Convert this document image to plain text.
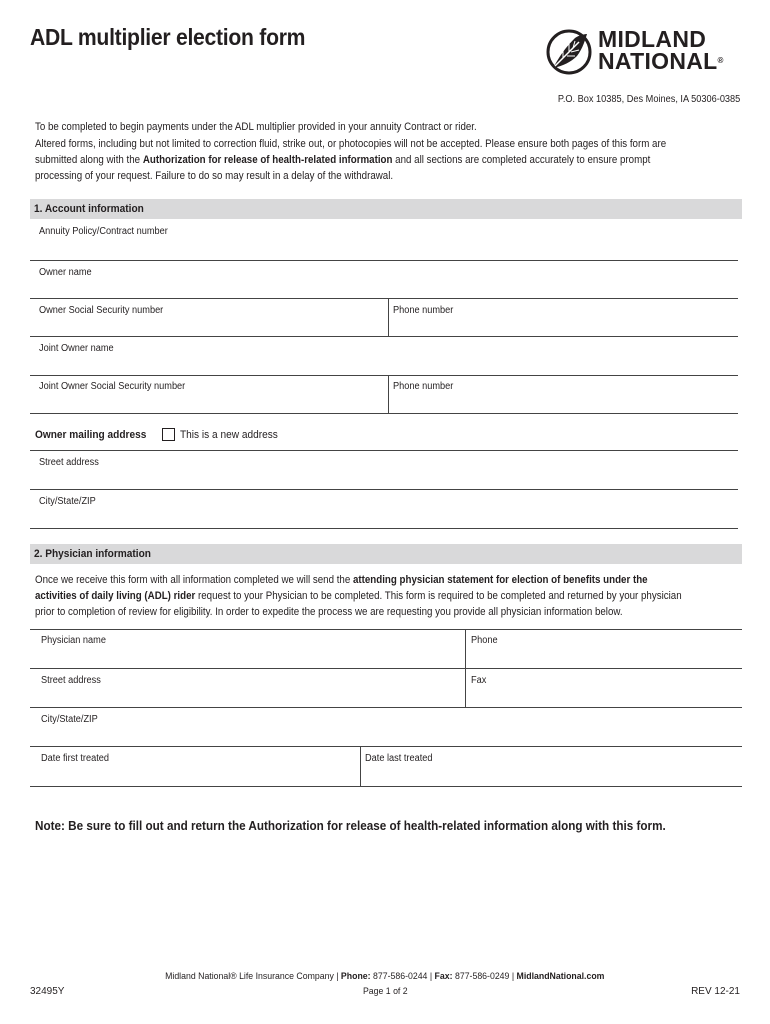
ADL multiplier election form	MIDLAND
NATIONAL®
P.O. Box 10385, Des Moines, IA 50306-0385
To be completed to begin payments under the ADL multiplier provided in your annuity Contract or rider.
Altered forms, including but not limited to correction fluid, strike out, or photocopies will not be accepted. Please ensure both pages of this form are submitted along with the Authorization for release of health-related information and all sections are completed accurately to ensure prompt processing of your request. Failure to do so may result in a delay of the withdrawal.
1. Account information
Annuity Policy/Contract number
Owner name
Owner Social Security number	Phone number
Joint Owner name
Joint Owner Social Security number	Phone number
Owner mailing address	This is a new address
Street address
City/State/ZIP
2. Physician information
Once we receive this form with all information completed we will send the attending physician statement for election of benefits under the activities of daily living (ADL) rider request to your Physician to be completed. This form is required to be completed and returned by your physician prior to completion of review for eligibility. In order to expedite the process we are requesting you provide all physician information below.
Physician name	Phone
Street address	Fax
City/State/ZIP
Date first treated	Date last treated
Note: Be sure to fill out and return the Authorization for release of health-related information along with this form.
Midland National® Life Insurance Company | Phone: 877-586-0244 | Fax: 877-586-0249 | MidlandNational.com
Page 1 of 2
32495Y	REV 12-21
